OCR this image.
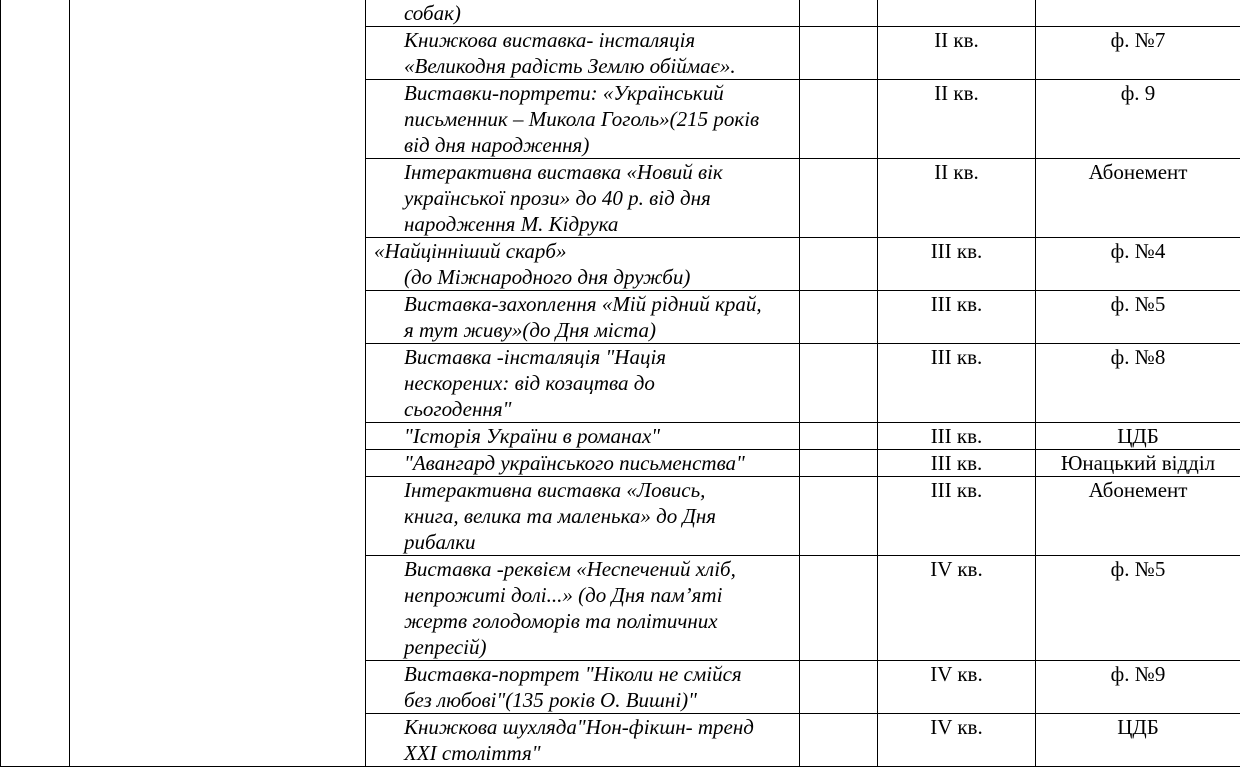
		собак)			

		Книжкова виставка- інсталяція
«Великодня радість Землю обіймає».		ІІ кв.	ф. №7

		Виставки-портрети: «Український
письменник – Микола Гоголь»(215 років
від дня народження)		ІІ кв.	ф. 9

		Інтерактивна виставка «Новий вік
української прози» до 40 р. від дня
народження М. Кідрука		ІІ кв.	Абонемент

		«Найцінніший скарб»
(до Міжнародного дня дружби)		ІІІ кв.	ф. №4

		Виставка-захоплення «Мій рідний край,
я тут живу»(до Дня міста)		ІІІ кв.	ф. №5

		Виставка -інсталяція "Нація
нескорених: від козацтва до
сьогодення"		ІІІ кв.	ф. №8

		"Історія України в романах"		ІІІ кв.	ЦДБ

		"Авангард українського письменства"		ІІІ кв.	Юнацький відділ

		Інтерактивна виставка «Ловись,
книга, велика та маленька» до Дня
рибалки		ІІІ кв.	Абонемент

		Виставка -реквієм «Неспечений хліб,
непрожиті долі...» (до Дня пам’яті
жертв голодоморів та політичних
репресій)		IV кв.	ф. №5

		Виставка-портрет "Ніколи не смійся
без любові"(135 років О. Вишні)"		IV кв.	ф. №9

		Книжкова шухляда"Нон-фікшн- тренд
ХХІ століття"		IV кв.	ЦДБ
